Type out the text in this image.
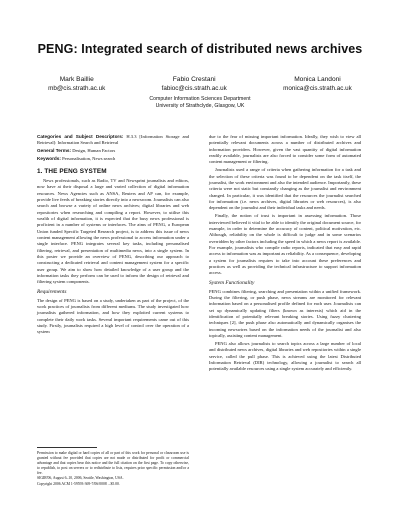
PENG: Integrated search of distributed news archives
Mark Baillie
mb@cis.strath.ac.uk
Fabio Crestani
fabioc@cis.strath.ac.uk
Monica Landoni
monica@cis.strath.ac.uk
Computer Information Sciences Department
University of Strathclyde, Glasgow, UK

Categories and Subject Descriptors: H.3.3 [Information Storage and Retrieval]: Information Search and Retrieval

General Terms: Design, Human Factors

Keywords: Personalisation, News search

1. THE PENG SYSTEM

News professionals, such as Radio, TV and Newsprint journalists and editors, now have at their disposal a large and varied collection of digital information resources. News Agencies such as ANSA, Reuters and AP can, for example, provide live feeds of breaking stories directly into a newsroom. Journalists can also search and browse a variety of online news archives; digital libraries and web repositories when researching and compiling a report. However, to utilise this wealth of digital information, it is expected that the busy news professional is proficient in a number of systems or interfaces. The aims of PENG, a European Union funded Specific Targeted Research project, is to address this issue of news content management allowing the news professional to access information under a single interface. PENG integrates several key tasks, including personalised filtering, retrieval, and presentation of multimedia news, into a single system. In this poster we provide an overview of PENG, describing our approach to constructing a dedicated retrieval and content management system for a specific user group. We aim to show how detailed knowledge of a user group and the information tasks they perform can be used to inform the design of retrieval and filtering system components.

Requirements

The design of PENG is based on a study, undertaken as part of the project, of the work practices of journalists from different mediums. The study investigated how journalists gathered information, and how they exploited current systems to complete their daily work tasks. Several important requirements came out of this study. Firstly, journalists required a high level of control over the operation of a system

Permission to make digital or hard copies of all or part of this work for personal or classroom use is granted without fee provided that copies are not made or distributed for profit or commercial advantage and that copies bear this notice and the full citation on the first page. To copy otherwise, to republish, to post on servers or to redistribute to lists, requires prior specific permission and/or a fee.

SIGIR'06, August 6–10, 2006, Seattle, Washington, USA.

Copyright 2006 ACM 1-59593-369-7/06/0008 ...$5.00.

due to the fear of missing important information. Ideally, they wish to view all potentially relevant documents across a number of distributed archives and information providers. However, given the vast quantity of digital information readily available, journalists are also forced to consider some form of automated content management or filtering.

Journalists used a range of criteria when gathering information for a task and the selection of these criteria was found to be dependent on the task itself, the journalist, the work environment and also the intended audience. Importantly, these criteria were not static but constantly changing as the journalist and environment changed. In particular, it was identified that the resources the journalist searched for information (i.e. news archives, digital libraries or web resources), is also dependent on the journalist and their individual tasks and needs.

Finally, the notion of trust is important in assessing information. Those interviewed believed it vital to be able to identify the original document source, for example, in order to determine the accuracy of content, political motivation, etc. Although, reliability on the whole is difficult to judge and in some scenarios overridden by other factors including the speed in which a news report is available. For example, journalists who compile radio reports, indicated that easy and rapid access to information was as important as reliability. As a consequence, developing a system for journalists requires to take into account these preferences and practices as well as providing the technical infrastructure to support information access.

System Functionality

PENG combines filtering, searching and presentation within a unified framework. During the filtering, or push phase, news streams are monitored for relevant information based on a personalised profile defined for each user. Journalists can set up dynamically updating filters (known as interests) which aid in the identification of potentially relevant breaking stories. Using fuzzy clustering techniques [2], the push phase also automatically and dynamically organises the incoming newswires based on the information needs of the journalist and also topically, assisting content management.

PENG also allows journalists to search topics across a large number of local and distributed news archives, digital libraries and web repositories within a single service, called the pull phase. This is achieved using the latest Distributed Information Retrieval (DIR) technology, allowing a journalist to search all potentially available resources using a single system accurately and efficiently.
